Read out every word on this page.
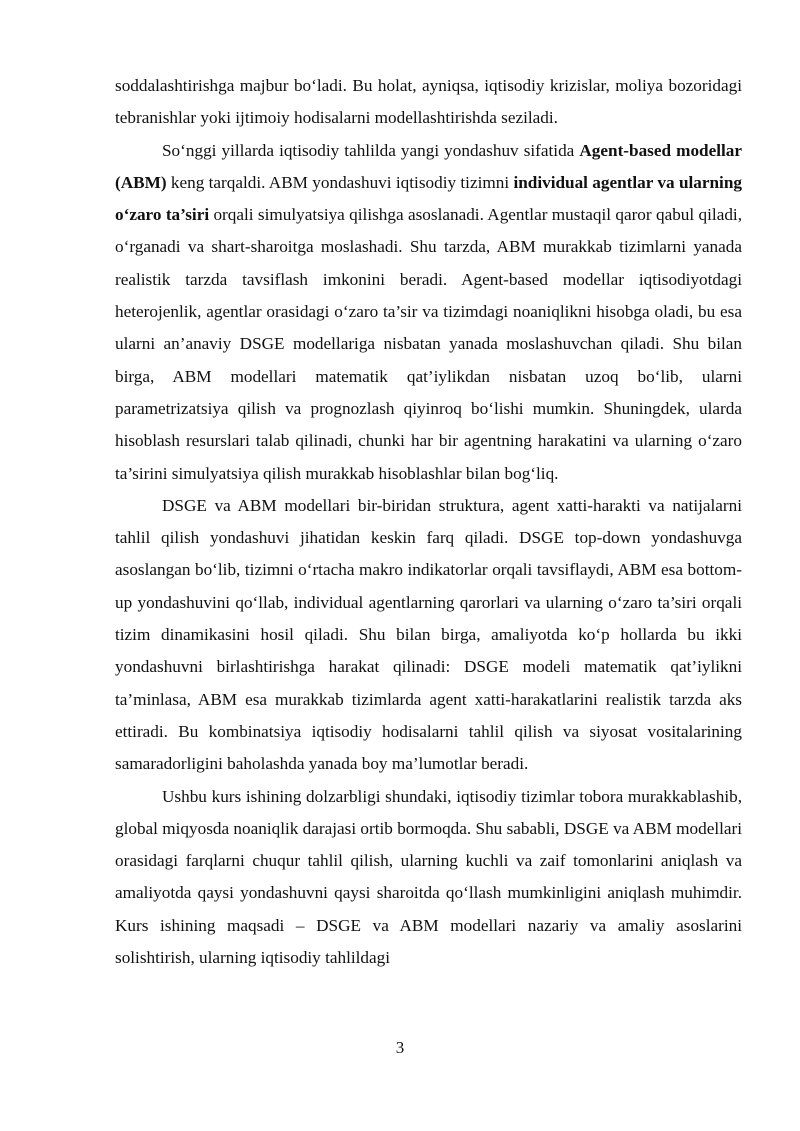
soddalashtirishga majbur bo‘ladi. Bu holat, ayniqsa, iqtisodiy krizislar, moliya bozoridagi tebranishlar yoki ijtimoiy hodisalarni modellashtirishda seziladi.

So‘nggi yillarda iqtisodiy tahlilda yangi yondashuv sifatida Agent-based modellar (ABM) keng tarqaldi. ABM yondashuvi iqtisodiy tizimni individual agentlar va ularning o‘zaro ta’siri orqali simulyatsiya qilishga asoslanadi. Agentlar mustaqil qaror qabul qiladi, o‘rganadi va shart-sharoitga moslashadi. Shu tarzda, ABM murakkab tizimlarni yanada realistik tarzda tavsiflash imkonini beradi. Agent-based modellar iqtisodiyotdagi heterojenlik, agentlar orasidagi o‘zaro ta’sir va tizimdagi noaniqlikni hisobga oladi, bu esa ularni an’anaviy DSGE modellariga nisbatan yanada moslashuvchan qiladi. Shu bilan birga, ABM modellari matematik qat’iylikdan nisbatan uzoq bo‘lib, ularni parametrizatsiya qilish va prognozlash qiyinroq bo‘lishi mumkin. Shuningdek, ularda hisoblash resurslari talab qilinadi, chunki har bir agentning harakatini va ularning o‘zaro ta’sirini simulyatsiya qilish murakkab hisoblashlar bilan bog‘liq.

DSGE va ABM modellari bir-biridan struktura, agent xatti-harakti va natijalarni tahlil qilish yondashuvi jihatidan keskin farq qiladi. DSGE top-down yondashuvga asoslangan bo‘lib, tizimni o‘rtacha makro indikatorlar orqali tavsiflaydi, ABM esa bottom-up yondashuvini qo‘llab, individual agentlarning qarorlari va ularning o‘zaro ta’siri orqali tizim dinamikasini hosil qiladi. Shu bilan birga, amaliyotda ko‘p hollarda bu ikki yondashuvni birlashtirishga harakat qilinadi: DSGE modeli matematik qat’iylikni ta’minlasa, ABM esa murakkab tizimlarda agent xatti-harakatlarini realistik tarzda aks ettiradi. Bu kombinatsiya iqtisodiy hodisalarni tahlil qilish va siyosat vositalarining samaradorligini baholashda yanada boy ma’lumotlar beradi.

Ushbu kurs ishining dolzarbligi shundaki, iqtisodiy tizimlar tobora murakkablashib, global miqyosda noaniqlik darajasi ortib bormoqda. Shu sababli, DSGE va ABM modellari orasidagi farqlarni chuqur tahlil qilish, ularning kuchli va zaif tomonlarini aniqlash va amaliyotda qaysi yondashuvni qaysi sharoitda qo‘llash mumkinligini aniqlash muhimdir. Kurs ishining maqsadi – DSGE va ABM modellari nazariy va amaliy asoslarini solishtirish, ularning iqtisodiy tahlildagi

3
